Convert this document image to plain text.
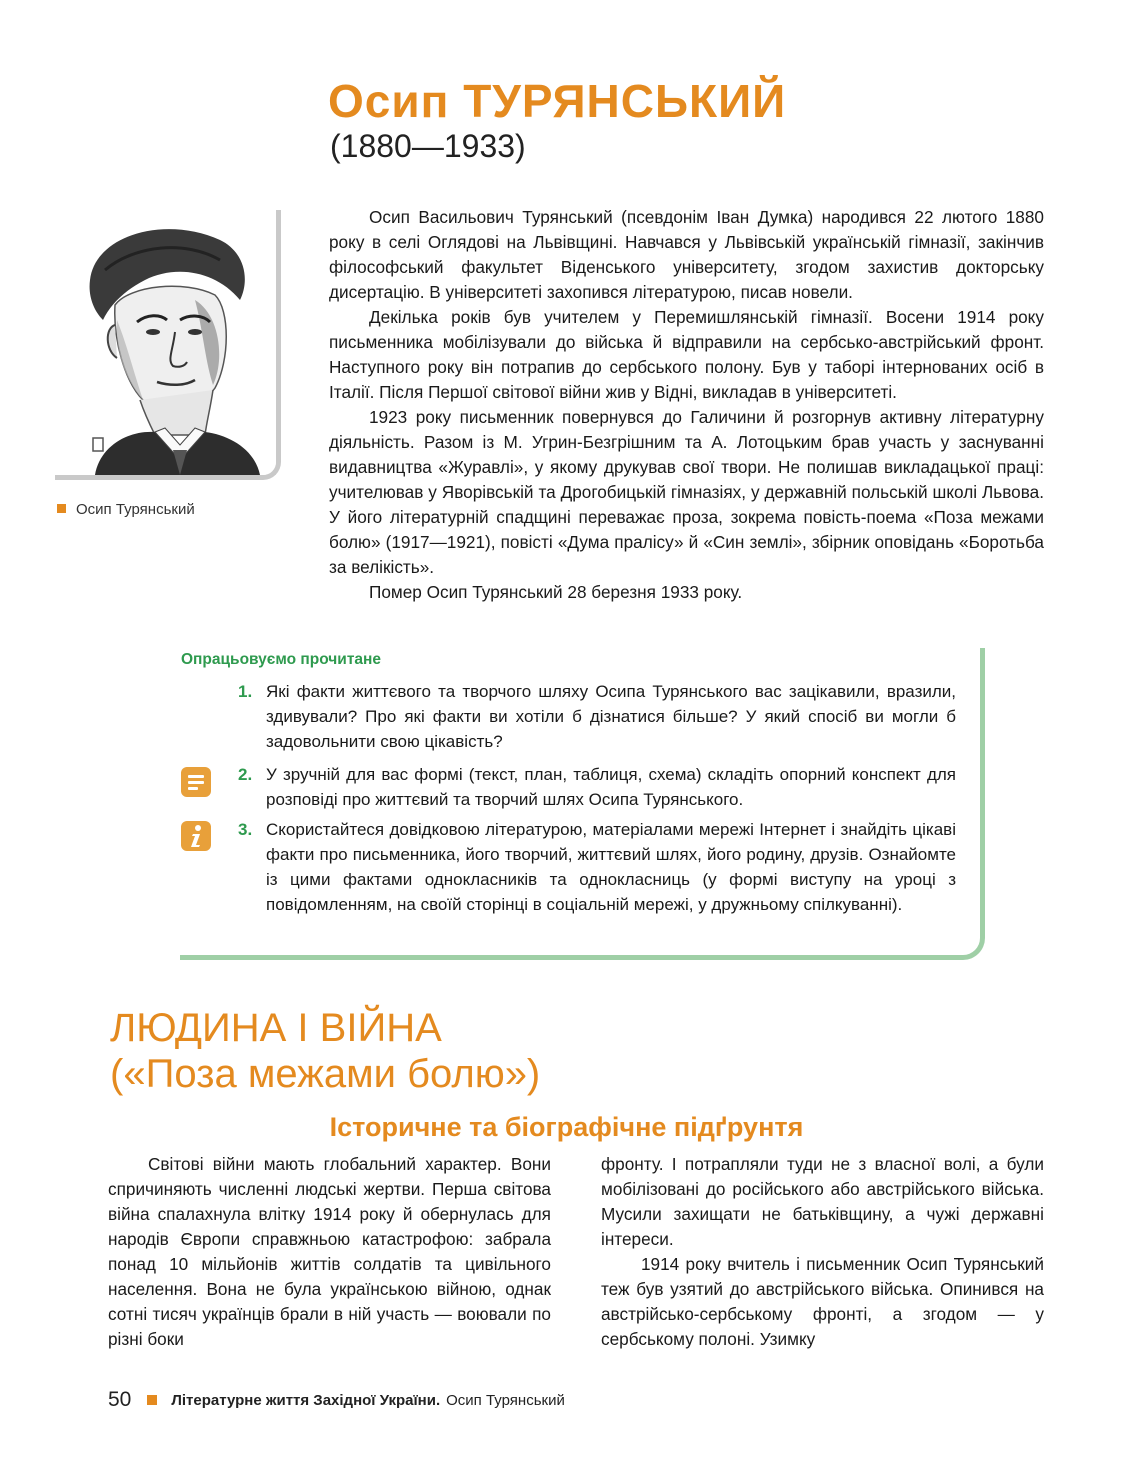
Осип ТУРЯНСЬКИЙ
(1880—1933)
Осип Турянський

Осип Васильович Турянський (псевдонім Іван Думка) народився 22 лютого 1880 року в селі Оглядові на Львівщині. Навчався у Львівській українській гімназії, закінчив філософський факультет Віденського університету, згодом захистив докторську дисертацію. В університеті захопився літературою, писав новели.

Декілька років був учителем у Перемишлянській гімназії. Восени 1914 року письменника мобілізували до війська й відправили на сербсько-австрійський фронт. Наступного року він потрапив до сербського полону. Був у таборі інтернованих осіб в Італії. Після Першої світової війни жив у Відні, викладав в університеті.

1923 року письменник повернувся до Галичини й розгорнув активну літературну діяльність. Разом із М. Угрин-Безгрішним та А. Лотоцьким брав участь у заснуванні видавництва «Журавлі», у якому друкував свої твори. Не полишав викладацької праці: учителював у Яворівській та Дрогобицькій гімназіях, у державній польській школі Львова. У його літературній спадщині переважає проза, зокрема повість-поема «Поза межами болю» (1917—1921), повісті «Дума пралісу» й «Син землі», збірник оповідань «Боротьба за велікість».

Помер Осип Турянський 28 березня 1933 року.

Опрацьовуємо прочитане
1. Які факти життєвого та творчого шляху Осипа Турянського вас зацікавили, вразили, здивували? Про які факти ви хотіли б дізнатися більше? У який спосіб ви могли б задовольнити свою цікавість?
2. У зручній для вас формі (текст, план, таблиця, схема) складіть опорний конспект для розповіді про життєвий та творчий шлях Осипа Турянського.
3. Скористайтеся довідковою літературою, матеріалами мережі Інтернет і знайдіть цікаві факти про письменника, його творчий, життєвий шлях, його родину, друзів. Ознайомте із цими фактами однокласників та однокласниць (у формі виступу на уроці з повідомленням, на своїй сторінці в соціальній мережі, у дружньому спілкуванні).
ЛЮДИНА І ВІЙНА
(«Поза межами болю»)
Історичне та біографічне підґрунтя

Світові війни мають глобальний характер. Вони спричиняють численні людські жертви. Перша світова війна спалахнула влітку 1914 року й обернулась для народів Європи справжньою катастрофою: забрала понад 10 мільйонів життів солдатів та цивільного населення. Вона не була українською війною, однак сотні тисяч українців брали в ній участь — воювали по різні боки

фронту. І потрапляли туди не з власної волі, а були мобілізовані до російського або австрійського війська. Мусили захищати не батьківщину, а чужі державні інтереси.

1914 року вчитель і письменник Осип Турянський теж був узятий до австрійського війська. Опинився на австрійсько-сербському фронті, а згодом — у сербському полоні. Узимку

50	Літературне життя Західної України. Осип Турянський
